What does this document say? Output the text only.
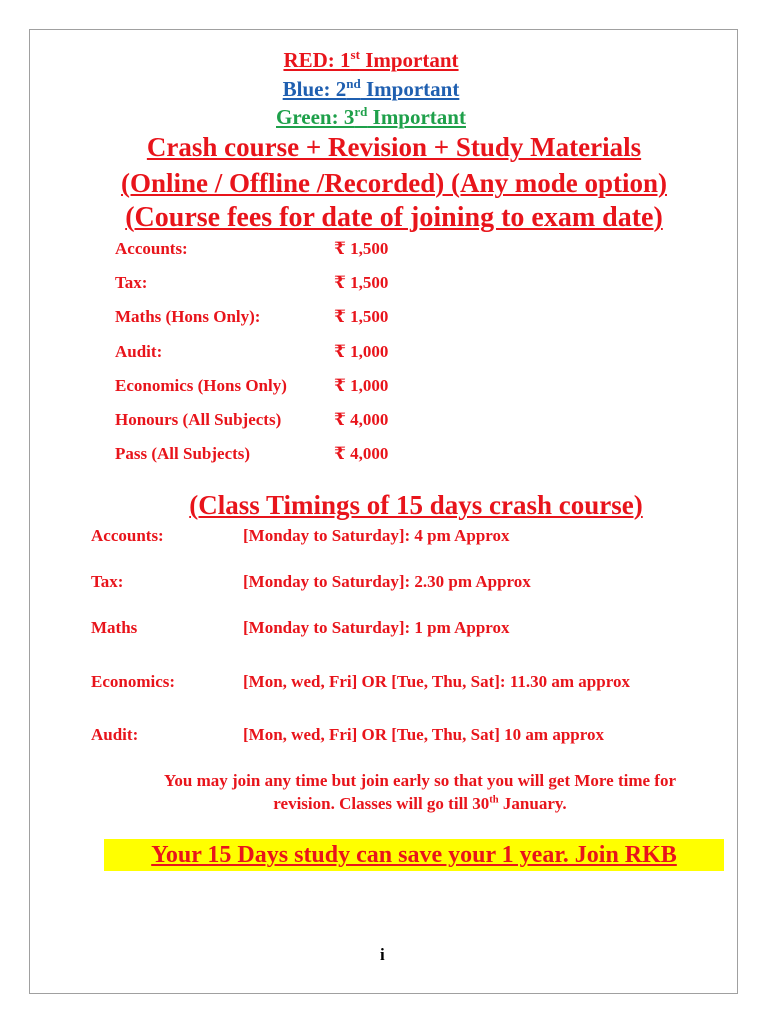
RED: 1st Important
Blue: 2nd Important
Green: 3rd Important
Crash course + Revision + Study Materials
(Online / Offline /Recorded) (Any mode option)
(Course fees for date of joining to exam date)
Accounts:	₹ 1,500
Tax:	₹ 1,500
Maths (Hons Only):	₹ 1,500
Audit:	₹ 1,000
Economics (Hons Only)	₹ 1,000
Honours (All Subjects)	₹ 4,000
Pass (All Subjects)	₹ 4,000
(Class Timings of 15 days crash course)
Accounts:	[Monday to Saturday]: 4 pm Approx
Tax:	[Monday to Saturday]: 2.30 pm Approx
Maths	[Monday to Saturday]: 1 pm Approx
Economics:	[Mon, wed, Fri] OR [Tue, Thu, Sat]: 11.30 am approx
Audit:	[Mon, wed, Fri] OR [Tue, Thu, Sat] 10 am approx
You may join any time but join early so that you will get More time for
revision. Classes will go till 30th January.
Your 15 Days study can save your 1 year. Join RKB
i
